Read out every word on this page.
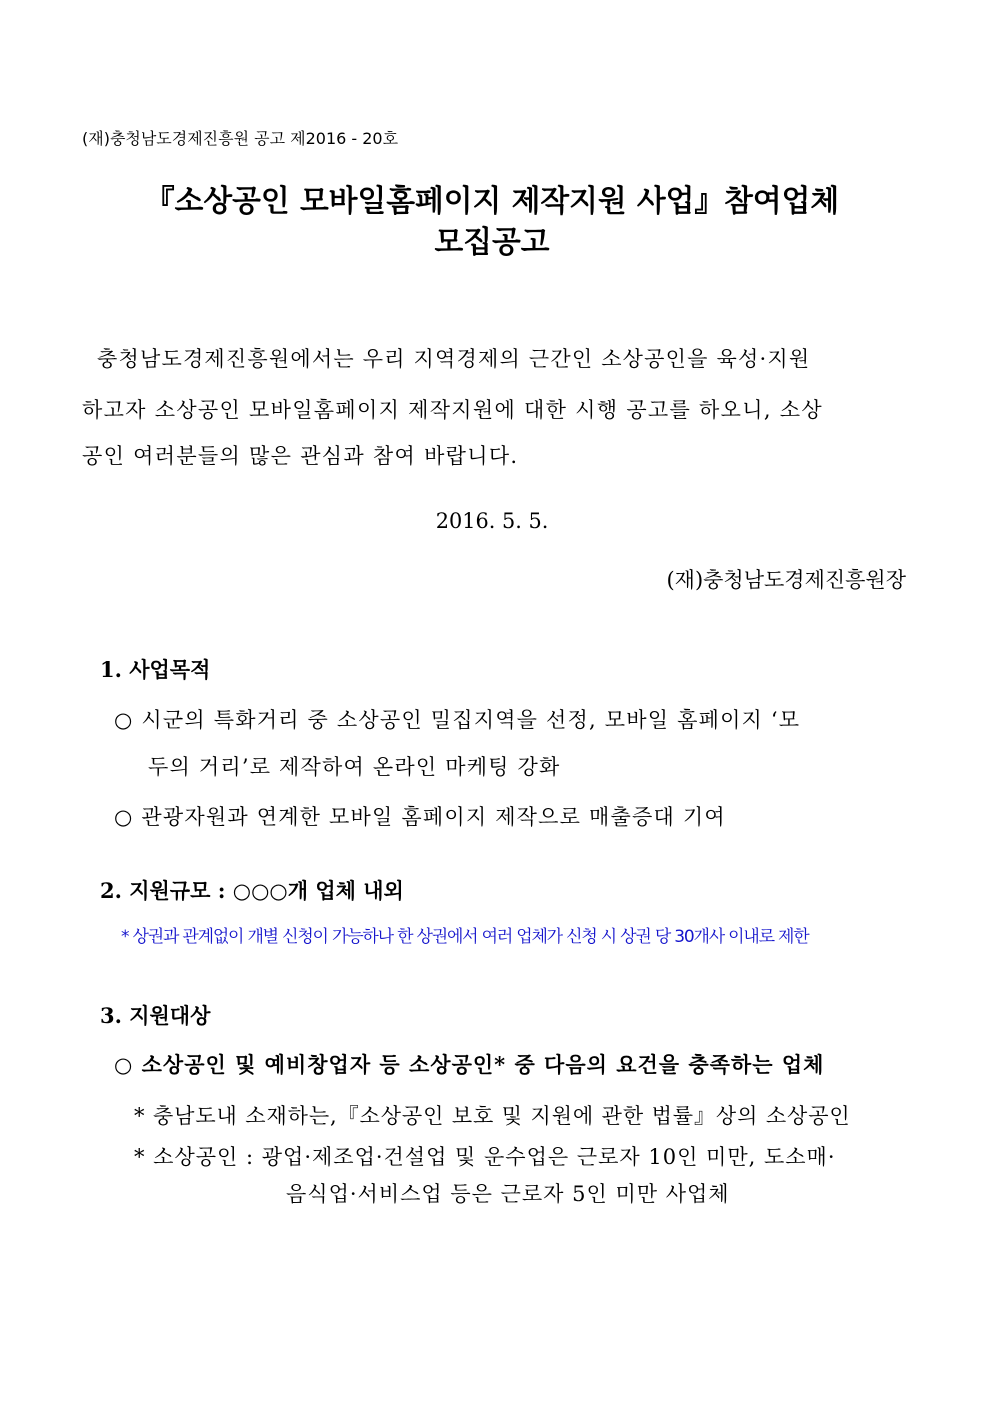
(재)충청남도경제진흥원 공고 제2016 - 20호
『소상공인 모바일홈페이지 제작지원 사업』참여업체
모집공고
충청남도경제진흥원에서는 우리 지역경제의 근간인 소상공인을 육성·지원
하고자 소상공인 모바일홈페이지 제작지원에 대한 시행 공고를 하오니, 소상
공인 여러분들의 많은 관심과 참여 바랍니다.
2016. 5. 5.
(재)충청남도경제진흥원장
1. 사업목적
○ 시군의 특화거리 중 소상공인 밀집지역을 선정, 모바일 홈페이지 ‘모
두의 거리’로 제작하여 온라인 마케팅 강화
○ 관광자원과 연계한 모바일 홈페이지 제작으로 매출증대 기여
2. 지원규모 : ○○○개 업체 내외
* 상권과 관계없이 개별 신청이 가능하나 한 상권에서 여러 업체가 신청 시 상권 당 30개사 이내로 제한
3. 지원대상
○ 소상공인 및 예비창업자 등 소상공인* 중 다음의 요건을 충족하는 업체
* 충남도내 소재하는,『소상공인 보호 및 지원에 관한 법률』상의 소상공인
* 소상공인 : 광업·제조업·건설업 및 운수업은 근로자 10인 미만, 도소매·
음식업·서비스업 등은 근로자 5인 미만 사업체
